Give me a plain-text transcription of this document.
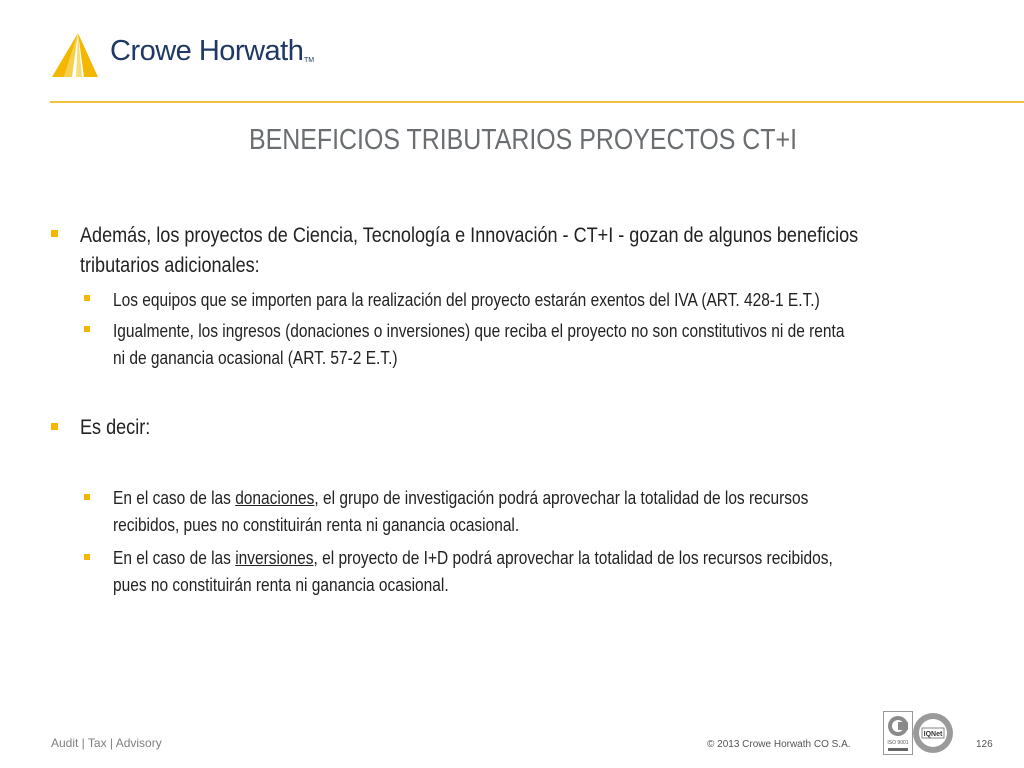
Crowe Horwath TM
BENEFICIOS TRIBUTARIOS PROYECTOS CT+I
Además, los proyectos de Ciencia, Tecnología e Innovación - CT+I - gozan de algunos beneficios
tributarios adicionales:
Los equipos que se importen para la realización del proyecto estarán exentos del IVA (ART. 428-1 E.T.)
Igualmente, los ingresos (donaciones o inversiones) que reciba el proyecto no son constitutivos ni de renta
ni de ganancia ocasional (ART. 57-2 E.T.)
Es decir:
En el caso de las donaciones, el grupo de investigación podrá aprovechar la totalidad de los recursos
recibidos, pues no constituirán renta ni ganancia ocasional.
En el caso de las inversiones, el proyecto de I+D podrá aprovechar la totalidad de los recursos recibidos,
pues no constituirán renta ni ganancia ocasional.
Audit | Tax | Advisory	© 2013 Crowe Horwath CO S.A.	ISO 9001
IQNet
126
